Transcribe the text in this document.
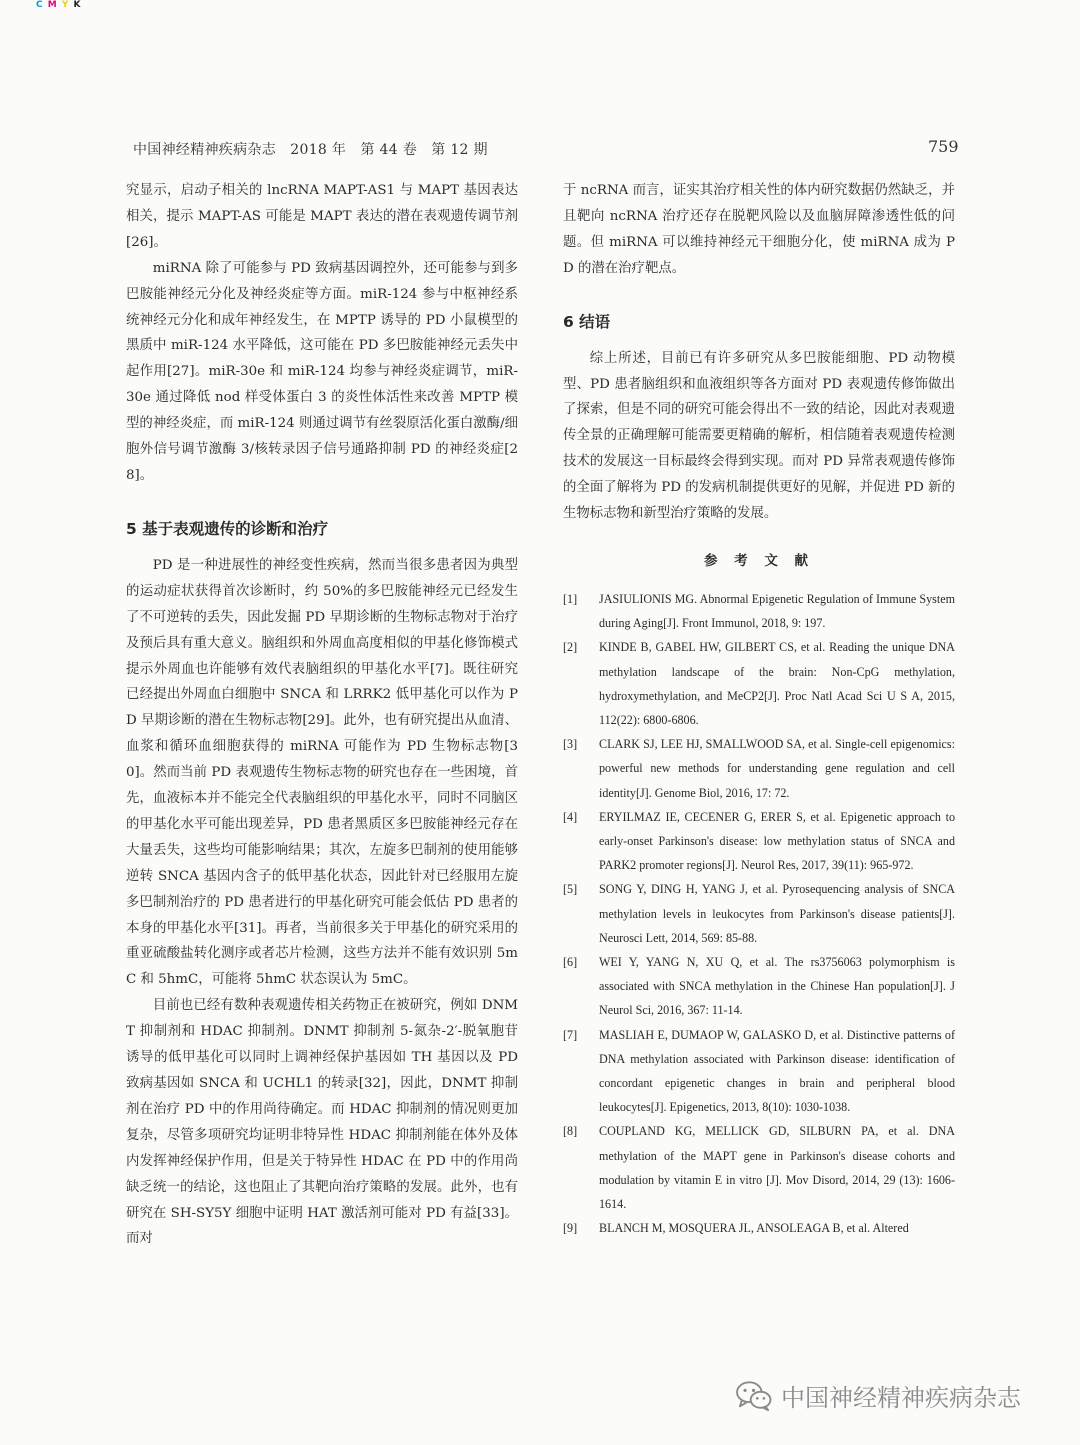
C M Y K
中国神经精神疾病杂志　2018 年　第 44 卷　第 12 期	759

究显示，启动子相关的 lncRNA MAPT-AS1 与 MAPT 基因表达相关，提示 MAPT-AS 可能是 MAPT 表达的潜在表观遗传调节剂[26]。

miRNA 除了可能参与 PD 致病基因调控外，还可能参与到多巴胺能神经元分化及神经炎症等方面。miR-124 参与中枢神经系统神经元分化和成年神经发生，在 MPTP 诱导的 PD 小鼠模型的黑质中 miR-124 水平降低，这可能在 PD 多巴胺能神经元丢失中起作用[27]。miR-30e 和 miR-124 均参与神经炎症调节，miR-30e 通过降低 nod 样受体蛋白 3 的炎性体活性来改善 MPTP 模型的神经炎症，而 miR-124 则通过调节有丝裂原活化蛋白激酶/细胞外信号调节激酶 3/核转录因子信号通路抑制 PD 的神经炎症[28]。

5 基于表观遗传的诊断和治疗

PD 是一种进展性的神经变性疾病，然而当很多患者因为典型的运动症状获得首次诊断时，约 50%的多巴胺能神经元已经发生了不可逆转的丢失，因此发掘 PD 早期诊断的生物标志物对于治疗及预后具有重大意义。脑组织和外周血高度相似的甲基化修饰模式提示外周血也许能够有效代表脑组织的甲基化水平[7]。既往研究已经提出外周血白细胞中 SNCA 和 LRRK2 低甲基化可以作为 PD 早期诊断的潜在生物标志物[29]。此外，也有研究提出从血清、血浆和循环血细胞获得的 miRNA 可能作为 PD 生物标志物[30]。然而当前 PD 表观遗传生物标志物的研究也存在一些困境，首先，血液标本并不能完全代表脑组织的甲基化水平，同时不同脑区的甲基化水平可能出现差异，PD 患者黑质区多巴胺能神经元存在大量丢失，这些均可能影响结果；其次，左旋多巴制剂的使用能够逆转 SNCA 基因内含子的低甲基化状态，因此针对已经服用左旋多巴制剂治疗的 PD 患者进行的甲基化研究可能会低估 PD 患者的本身的甲基化水平[31]。再者，当前很多关于甲基化的研究采用的重亚硫酸盐转化测序或者芯片检测，这些方法并不能有效识别 5mC 和 5hmC，可能将 5hmC 状态误认为 5mC。

目前也已经有数种表观遗传相关药物正在被研究，例如 DNMT 抑制剂和 HDAC 抑制剂。DNMT 抑制剂 5-氮杂-2′-脱氧胞苷诱导的低甲基化可以同时上调神经保护基因如 TH 基因以及 PD 致病基因如 SNCA 和 UCHL1 的转录[32]，因此，DNMT 抑制剂在治疗 PD 中的作用尚待确定。而 HDAC 抑制剂的情况则更加复杂，尽管多项研究均证明非特异性 HDAC 抑制剂能在体外及体内发挥神经保护作用，但是关于特异性 HDAC 在 PD 中的作用尚缺乏统一的结论，这也阻止了其靶向治疗策略的发展。此外，也有研究在 SH-SY5Y 细胞中证明 HAT 激活剂可能对 PD 有益[33]。而对

于 ncRNA 而言，证实其治疗相关性的体内研究数据仍然缺乏，并且靶向 ncRNA 治疗还存在脱靶风险以及血脑屏障渗透性低的问题。但 miRNA 可以维持神经元干细胞分化，使 miRNA 成为 PD 的潜在治疗靶点。

6 结语

综上所述，目前已有许多研究从多巴胺能细胞、PD 动物模型、PD 患者脑组织和血液组织等各方面对 PD 表观遗传修饰做出了探索，但是不同的研究可能会得出不一致的结论，因此对表观遗传全景的正确理解可能需要更精确的解析，相信随着表观遗传检测技术的发展这一目标最终会得到实现。而对 PD 异常表观遗传修饰的全面了解将为 PD 的发病机制提供更好的见解，并促进 PD 新的生物标志物和新型治疗策略的发展。

参 考 文 献
[1]	JASIULIONIS MG. Abnormal Epigenetic Regulation of Immune System during Aging[J]. Front Immunol, 2018, 9: 197.
[2]	KINDE B, GABEL HW, GILBERT CS, et al. Reading the unique DNA methylation landscape of the brain: Non-CpG methylation, hydroxymethylation, and MeCP2[J]. Proc Natl Acad Sci U S A, 2015, 112(22): 6800-6806.
[3]	CLARK SJ, LEE HJ, SMALLWOOD SA, et al. Single-cell epigenomics: powerful new methods for understanding gene regulation and cell identity[J]. Genome Biol, 2016, 17: 72.
[4]	ERYILMAZ IE, CECENER G, ERER S, et al. Epigenetic approach to early-onset Parkinson's disease: low methylation status of SNCA and PARK2 promoter regions[J]. Neurol Res, 2017, 39(11): 965-972.
[5]	SONG Y, DING H, YANG J, et al. Pyrosequencing analysis of SNCA methylation levels in leukocytes from Parkinson's disease patients[J]. Neurosci Lett, 2014, 569: 85-88.
[6]	WEI Y, YANG N, XU Q, et al. The rs3756063 polymorphism is associated with SNCA methylation in the Chinese Han population[J]. J Neurol Sci, 2016, 367: 11-14.
[7]	MASLIAH E, DUMAOP W, GALASKO D, et al. Distinctive patterns of DNA methylation associated with Parkinson disease: identification of concordant epigenetic changes in brain and peripheral blood leukocytes[J]. Epigenetics, 2013, 8(10): 1030-1038.
[8]	COUPLAND KG, MELLICK GD, SILBURN PA, et al. DNA methylation of the MAPT gene in Parkinson's disease cohorts and modulation by vitamin E in vitro [J]. Mov Disord, 2014, 29 (13): 1606-1614.
[9]	BLANCH M, MOSQUERA JL, ANSOLEAGA B, et al. Altered
中国神经精神疾病杂志
